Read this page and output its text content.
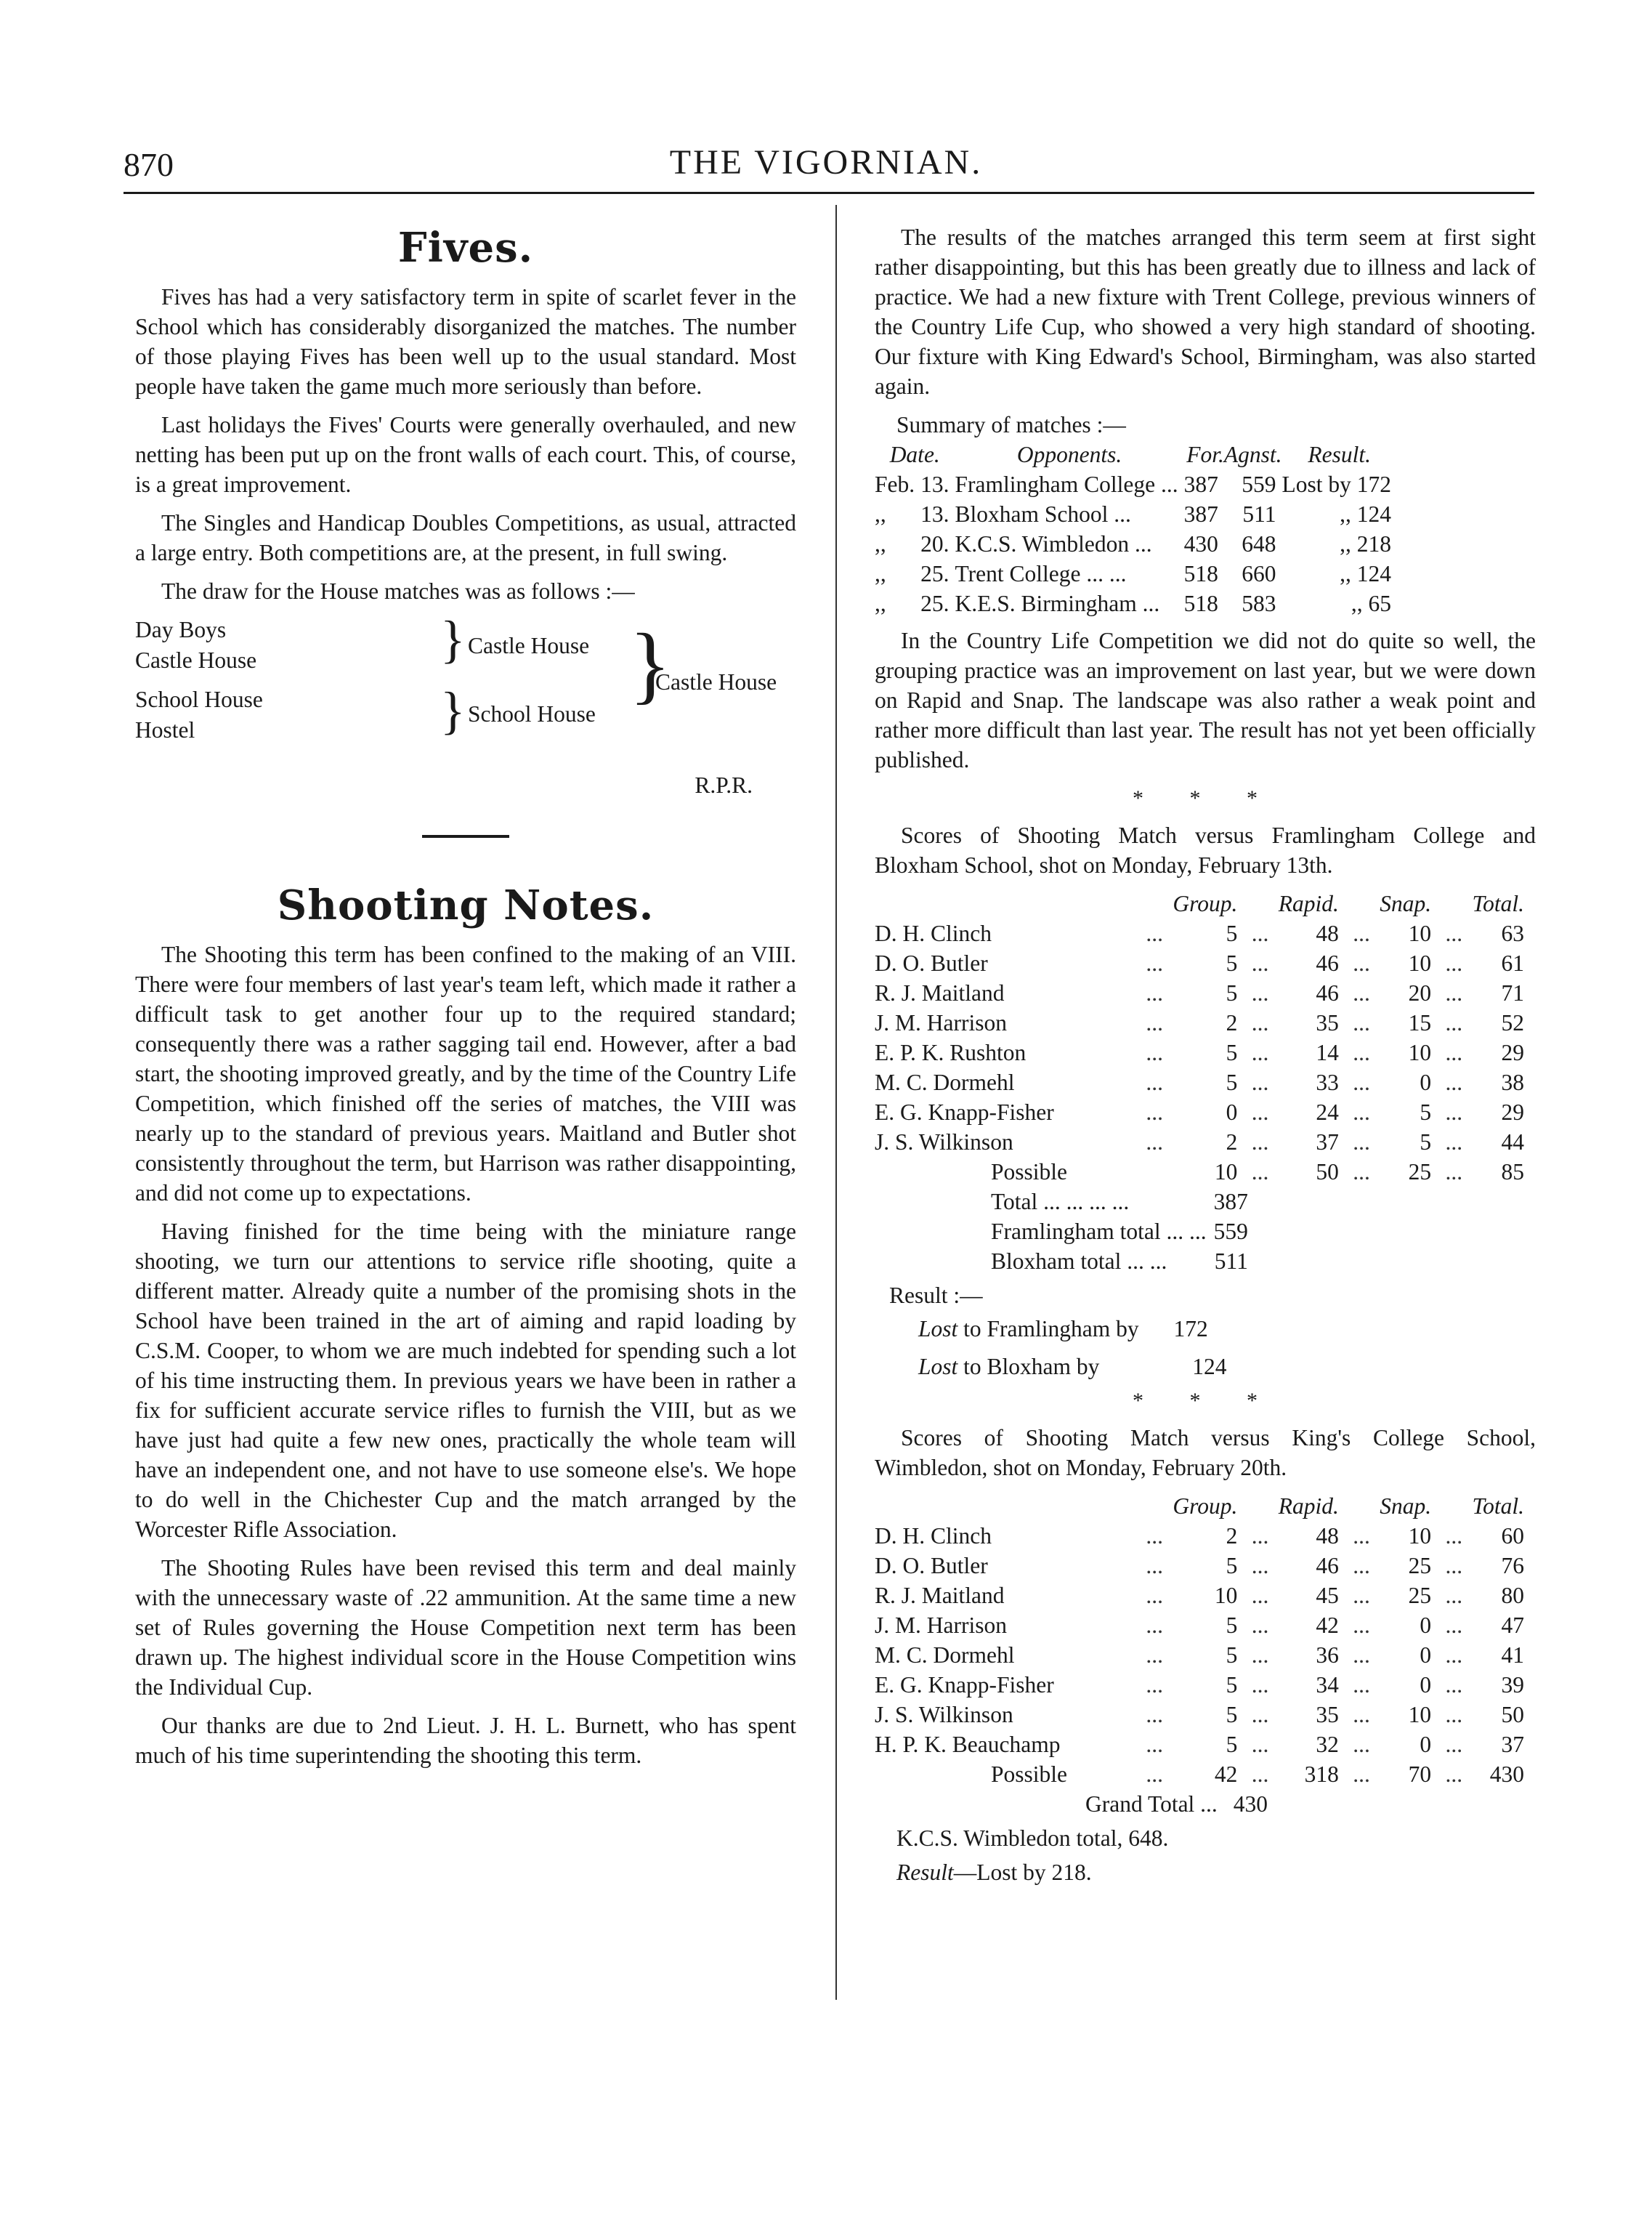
870	THE VIGORNIAN.
Fives.

Fives has had a very satisfactory term in spite of scarlet fever in the School which has considerably disorganized the matches. The number of those playing Fives has been well up to the usual standard. Most people have taken the game much more seriously than before.

Last holidays the Fives' Courts were generally overhauled, and new netting has been put up on the front walls of each court. This, of course, is a great improvement.

The Singles and Handicap Doubles Competitions, as usual, attracted a large entry. Both competitions are, at the present, in full swing.

The draw for the House matches was as follows :—

Day Boys
Castle House
School House
Hostel
}
}
Castle House
School House
}
Castle House
R.P.R.
Shooting Notes.

The Shooting this term has been confined to the making of an VIII. There were four members of last year's team left, which made it rather a difficult task to get another four up to the required standard; consequently there was a rather sagging tail end. However, after a bad start, the shooting improved greatly, and by the time of the Country Life Competition, which finished off the series of matches, the VIII was nearly up to the standard of previous years. Maitland and Butler shot consistently throughout the term, but Harrison was rather disappointing, and did not come up to expectations.

Having finished for the time being with the miniature range shooting, we turn our attentions to service rifle shooting, quite a different matter. Already quite a number of the promising shots in the School have been trained in the art of aiming and rapid loading by C.S.M. Cooper, to whom we are much indebted for spending such a lot of his time instructing them. In previous years we have been in rather a fix for sufficient accurate service rifles to furnish the VIII, but as we have just had quite a few new ones, practically the whole team will have an independent one, and not have to use someone else's. We hope to do well in the Chichester Cup and the match arranged by the Worcester Rifle Association.

The Shooting Rules have been revised this term and deal mainly with the unnecessary waste of .22 ammunition. At the same time a new set of Rules governing the House Competition next term has been drawn up. The highest individual score in the House Competition wins the Individual Cup.

Our thanks are due to 2nd Lieut. J. H. L. Burnett, who has spent much of his time superintending the shooting this term.

The results of the matches arranged this term seem at first sight rather disappointing, but this has been greatly due to illness and lack of practice. We had a new fixture with Trent College, previous winners of the Country Life Cup, who showed a very high standard of shooting. Our fixture with King Edward's School, Birmingham, was also started again.

Summary of matches :—
Date.		Opponents.	For.	Agnst.	Result.
Feb.	13.	Framlingham College ...	387	559	Lost by 172
,,	13.	Bloxham School ...	387	511	,, 124
,,	20.	K.C.S. Wimbledon ...	430	648	,, 218
,,	25.	Trent College ... ...	518	660	,, 124
,,	25.	K.E.S. Birmingham ...	518	583	,, 65

In the Country Life Competition we did not do quite so well, the grouping practice was an improvement on last year, but we were down on Rapid and Snap. The landscape was also rather a weak point and rather more difficult than last year. The result has not yet been officially published.

* * *

Scores of Shooting Match versus Framlingham College and Bloxham School, shot on Monday, February 13th.

		Group.		Rapid.		Snap.		Total.
D. H. Clinch	...	5	...	48	...	10	...	63
D. O. Butler	...	5	...	46	...	10	...	61
R. J. Maitland	...	5	...	46	...	20	...	71
J. M. Harrison	...	2	...	35	...	15	...	52
E. P. K. Rushton	...	5	...	14	...	10	...	29
M. C. Dormehl	...	5	...	33	...	0	...	38
E. G. Knapp-Fisher	...	0	...	24	...	5	...	29
J. S. Wilkinson	...	2	...	37	...	5	...	44
Possible		10	...	50	...	25	...	85
Total ... ... ... ...	387
Framlingham total ... ...	559
Bloxham total ... ...	511
Result :—
Lost to Framlingham by 172
Lost to Bloxham by	124
* * *

Scores of Shooting Match versus King's College School, Wimbledon, shot on Monday, February 20th.

		Group.		Rapid.		Snap.		Total.
D. H. Clinch	...	2	...	48	...	10	...	60
D. O. Butler	...	5	...	46	...	25	...	76
R. J. Maitland	...	10	...	45	...	25	...	80
J. M. Harrison	...	5	...	42	...	0	...	47
M. C. Dormehl	...	5	...	36	...	0	...	41
E. G. Knapp-Fisher	...	5	...	34	...	0	...	39
J. S. Wilkinson	...	5	...	35	...	10	...	50
H. P. K. Beauchamp	...	5	...	32	...	0	...	37
Possible	...	42	...	318	...	70	...	430
Grand Total ... 430
K.C.S. Wimbledon total, 648.
Result—Lost by 218.
